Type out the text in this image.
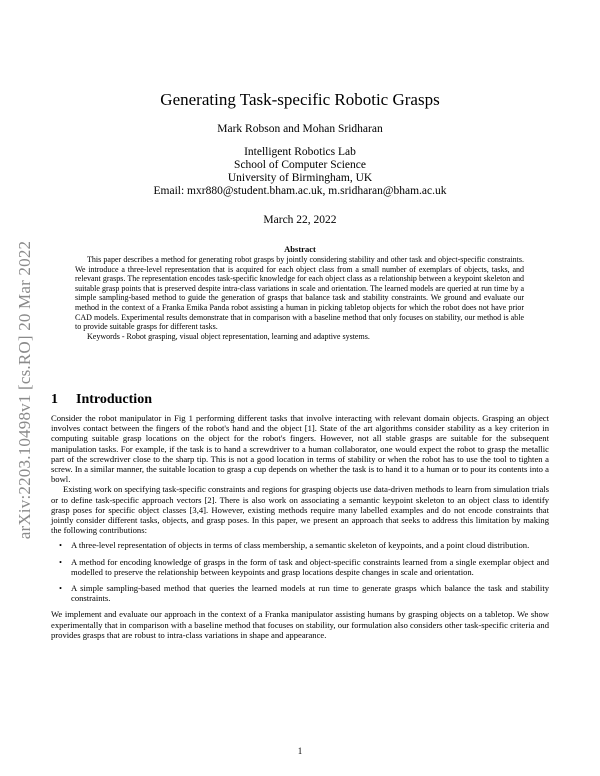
arXiv:2203.10498v1 [cs.RO] 20 Mar 2022
Generating Task-specific Robotic Grasps
Mark Robson and Mohan Sridharan
Intelligent Robotics Lab
School of Computer Science
University of Birmingham, UK
Email: mxr880@student.bham.ac.uk, m.sridharan@bham.ac.uk
March 22, 2022
Abstract

This paper describes a method for generating robot grasps by jointly considering stability and other task and object-specific constraints. We introduce a three-level representation that is acquired for each object class from a small number of exemplars of objects, tasks, and relevant grasps. The representation encodes task-specific knowledge for each object class as a relationship between a keypoint skeleton and suitable grasp points that is preserved despite intra-class variations in scale and orientation. The learned models are queried at run time by a simple sampling-based method to guide the generation of grasps that balance task and stability constraints. We ground and evaluate our method in the context of a Franka Emika Panda robot assisting a human in picking tabletop objects for which the robot does not have prior CAD models. Experimental results demonstrate that in comparison with a baseline method that only focuses on stability, our method is able to provide suitable grasps for different tasks.

Keywords - Robot grasping, visual object representation, learning and adaptive systems.

1 Introduction

Consider the robot manipulator in Fig 1 performing different tasks that involve interacting with relevant domain objects. Grasping an object involves contact between the fingers of the robot's hand and the object [1]. State of the art algorithms consider stability as a key criterion in computing suitable grasp locations on the object for the robot's fingers. However, not all stable grasps are suitable for the subsequent manipulation tasks. For example, if the task is to hand a screwdriver to a human collaborator, one would expect the robot to grasp the metallic part of the screwdriver close to the sharp tip. This is not a good location in terms of stability or when the robot has to use the tool to tighten a screw. In a similar manner, the suitable location to grasp a cup depends on whether the task is to hand it to a human or to pour its contents into a bowl.

Existing work on specifying task-specific constraints and regions for grasping objects use data-driven methods to learn from simulation trials or to define task-specific approach vectors [2]. There is also work on associating a semantic keypoint skeleton to an object class to identify grasp poses for specific object classes [3,4]. However, existing methods require many labelled examples and do not encode constraints that jointly consider different tasks, objects, and grasp poses. In this paper, we present an approach that seeks to address this limitation by making the following contributions:

• A three-level representation of objects in terms of class membership, a semantic skeleton of keypoints, and a point cloud distribution.
• A method for encoding knowledge of grasps in the form of task and object-specific constraints learned from a single exemplar object and modelled to preserve the relationship between keypoints and grasp locations despite changes in scale and orientation.
• A simple sampling-based method that queries the learned models at run time to generate grasps which balance the task and stability constraints.

We implement and evaluate our approach in the context of a Franka manipulator assisting humans by grasping objects on a tabletop. We show experimentally that in comparison with a baseline method that focuses on stability, our formulation also considers other task-specific criteria and provides grasps that are robust to intra-class variations in shape and appearance.

1
